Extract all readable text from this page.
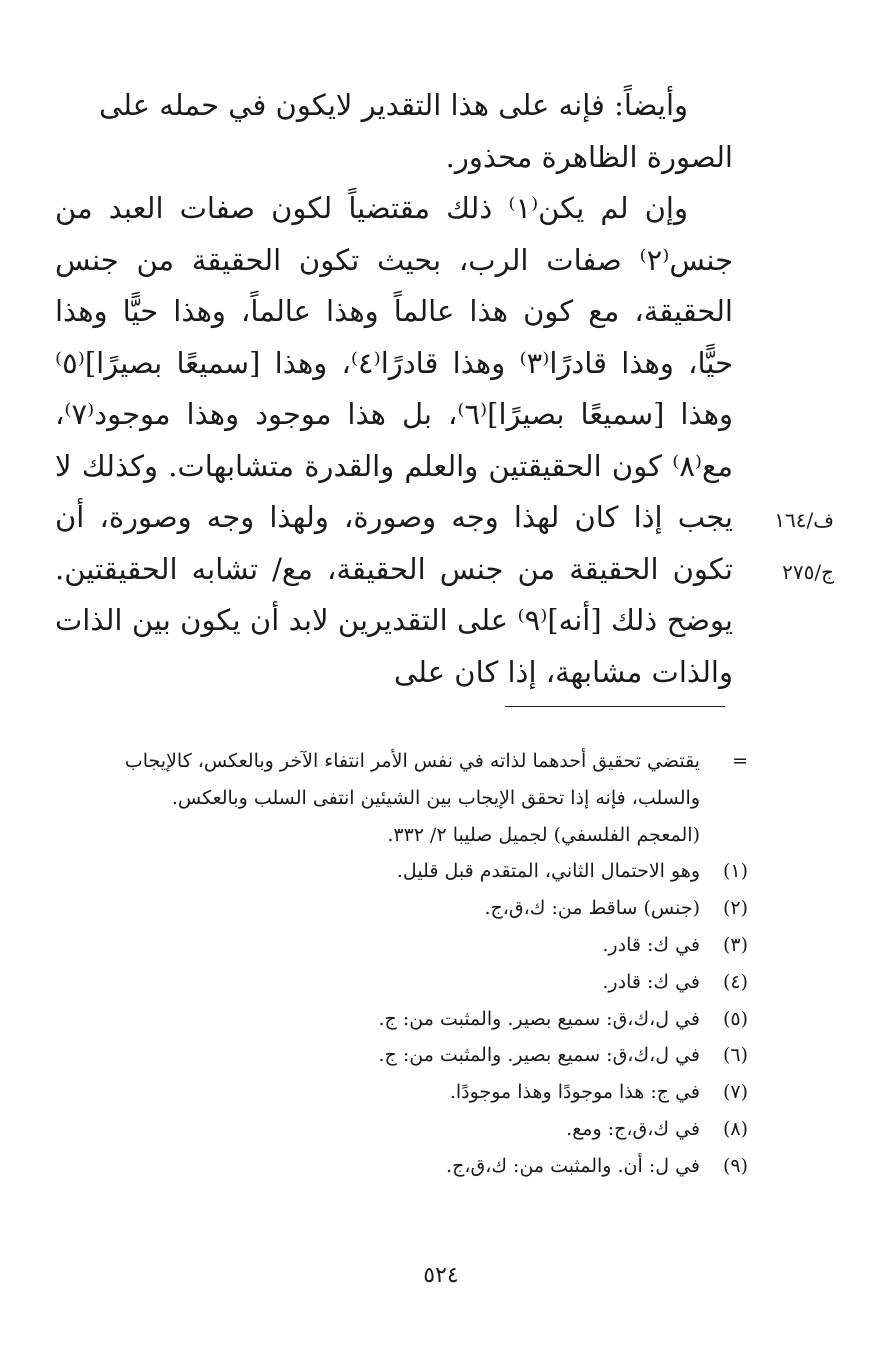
وأيضاً: فإنه على هذا التقدير لايكون في حمله على الصورة الظاهرة محذور.

وإن لم يكن⁽١⁾ ذلك مقتضياً لكون صفات العبد من جنس⁽٢⁾ صفات الرب، بحيث تكون الحقيقة من جنس الحقيقة، مع كون هذا عالماً وهذا عالماً، وهذا حيًّا وهذا حيًّا، وهذا قادرًا⁽٣⁾ وهذا قادرًا⁽٤⁾، وهذا [سميعًا بصيرًا]⁽٥⁾ وهذا [سميعًا بصيرًا]⁽٦⁾، بل هذا موجود وهذا موجود⁽٧⁾، مع⁽٨⁾ كون الحقيقتين والعلم والقدرة متشابهات. وكذلك لا يجب إذا كان لهذا وجه وصورة، ولهذا وجه وصورة، أن تكون الحقيقة من جنس الحقيقة، مع/ تشابه الحقيقتين. يوضح ذلك [أنه]⁽٩⁾ على التقديرين لابد أن يكون بين الذات والذات مشابهة، إذا كان على

ف/١٦٤
ج/٢٧٥
=
يقتضي تحقيق أحدهما لذاته في نفس الأمر انتفاء الآخر وبالعكس، كالإيجاب
والسلب، فإنه إذا تحقق الإيجاب بين الشيئين انتفى السلب وبالعكس.
(المعجم الفلسفي) لجميل صليبا ٢/ ٣٣٢.
(١)
وهو الاحتمال الثاني، المتقدم قبل قليل.
(٢)
(جنس) ساقط من: ك،ق،ج.
(٣)
في ك: قادر.
(٤)
في ك: قادر.
(٥)
في ل،ك،ق: سميع بصير. والمثبت من: ج.
(٦)
في ل،ك،ق: سميع بصير. والمثبت من: ج.
(٧)
في ج: هذا موجودًا وهذا موجودًا.
(٨)
في ك،ق،ج: ومع.
(٩)
في ل: أن. والمثبت من: ك،ق،ج.
٥٢٤
